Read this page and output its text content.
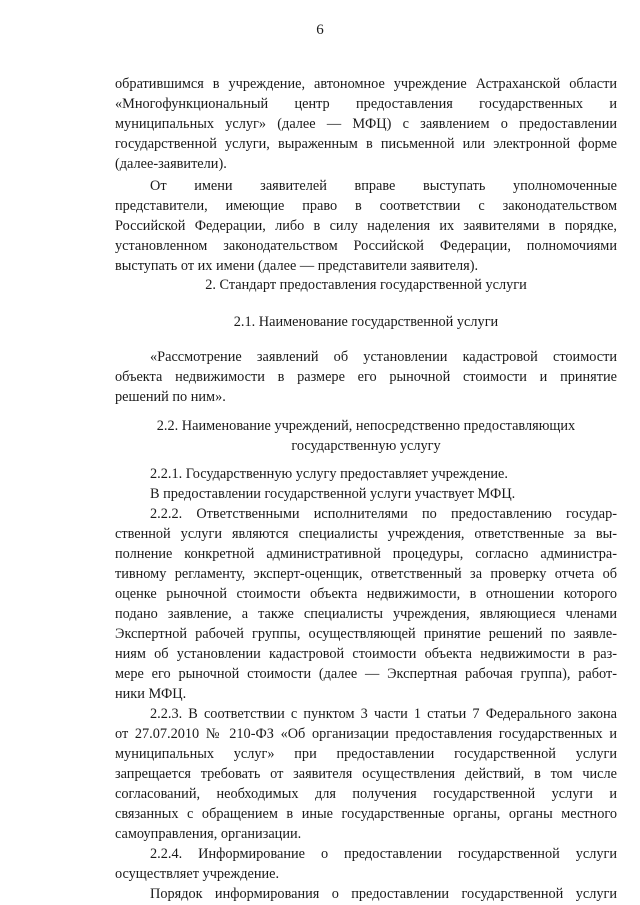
6
обратившимся в учреждение, автономное учреждение Астраханской области
«Многофункциональный центр предоставления государственных и
муниципальных услуг» (далее — МФЦ) с заявлением о предоставлении
государственной услуги, выраженным в письменной или электронной форме
(далее-заявители).
От имени заявителей вправе выступать уполномоченные
представители, имеющие право в соответствии с законодательством
Российской Федерации, либо в силу наделения их заявителями в порядке,
установленном законодательством Российской Федерации, полномочиями
выступать от их имени (далее — представители заявителя).
2. Стандарт предоставления государственной услуги
2.1. Наименование государственной услуги
«Рассмотрение заявлений об установлении кадастровой стоимости
объекта недвижимости в размере его рыночной стоимости и принятие
решений по ним».
2.2. Наименование учреждений, непосредственно предоставляющих
государственную услугу
2.2.1. Государственную услугу предоставляет учреждение.
В предоставлении государственной услуги участвует МФЦ.
2.2.2. Ответственными исполнителями по предоставлению государ-
ственной услуги являются специалисты учреждения, ответственные за вы-
полнение конкретной административной процедуры, согласно администра-
тивному регламенту, эксперт-оценщик, ответственный за проверку отчета об
оценке рыночной стоимости объекта недвижимости, в отношении которого
подано заявление, а также специалисты учреждения, являющиеся членами
Экспертной рабочей группы, осуществляющей принятие решений по заявле-
ниям об установлении кадастровой стоимости объекта недвижимости в раз-
мере его рыночной стоимости (далее — Экспертная рабочая группа), работ-
ники МФЦ.
2.2.3. В соответствии с пунктом 3 части 1 статьи 7 Федерального закона
от 27.07.2010 № 210-ФЗ «Об организации предоставления государственных и
муниципальных услуг» при предоставлении государственной услуги
запрещается требовать от заявителя осуществления действий, в том числе
согласований, необходимых для получения государственной услуги и
связанных с обращением в иные государственные органы, органы местного
самоуправления, организации.
2.2.4. Информирование о предоставлении государственной услуги
осуществляет учреждение.
Порядок информирования о предоставлении государственной услуги
